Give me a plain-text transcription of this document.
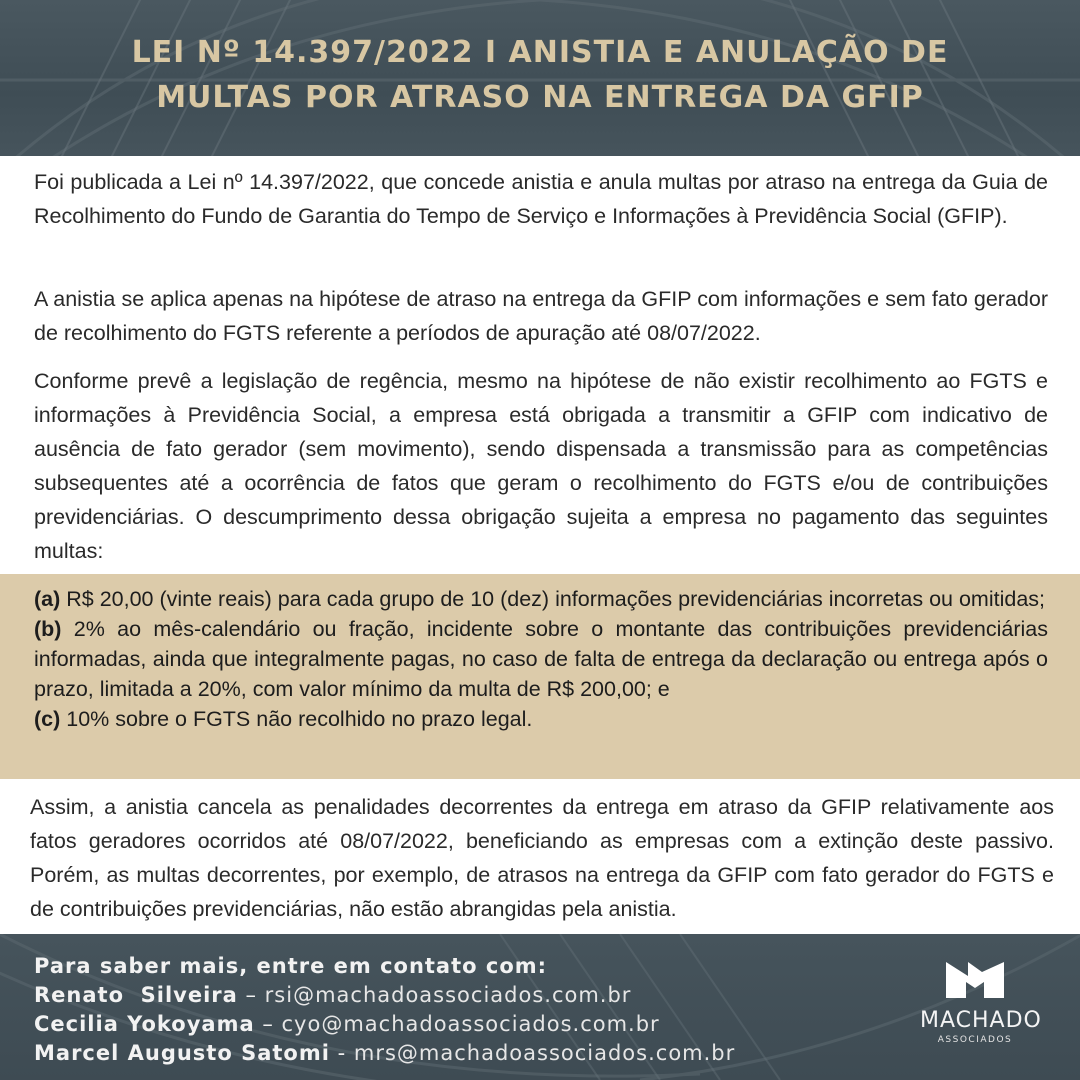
LEI Nº 14.397/2022 I ANISTIA E ANULAÇÃO DE
MULTAS POR ATRASO NA ENTREGA DA GFIP

Foi publicada a Lei nº 14.397/2022, que concede anistia e anula multas por atraso na entrega da Guia de Recolhimento do Fundo de Garantia do Tempo de Serviço e Informações à Previdência Social (GFIP).

A anistia se aplica apenas na hipótese de atraso na entrega da GFIP com informações e sem fato gerador de recolhimento do FGTS referente a períodos de apuração até 08/07/2022.

Conforme prevê a legislação de regência, mesmo na hipótese de não existir recolhimento ao FGTS e informações à Previdência Social, a empresa está obrigada a transmitir a GFIP com indicativo de ausência de fato gerador (sem movimento), sendo dispensada a transmissão para as competências subsequentes até a ocorrência de fatos que geram o recolhimento do FGTS e/ou de contribuições previdenciárias. O descumprimento dessa obrigação sujeita a empresa no pagamento das seguintes multas:

(a) R$ 20,00 (vinte reais) para cada grupo de 10 (dez) informações previdenciárias incorretas ou omitidas;

(b) 2% ao mês-calendário ou fração, incidente sobre o montante das contribuições previdenciárias informadas, ainda que integralmente pagas, no caso de falta de entrega da declaração ou entrega após o prazo, limitada a 20%, com valor mínimo da multa de R$ 200,00; e

(c) 10% sobre o FGTS não recolhido no prazo legal.

Assim, a anistia cancela as penalidades decorrentes da entrega em atraso da GFIP relativamente aos fatos geradores ocorridos até 08/07/2022, beneficiando as empresas com a extinção deste passivo. Porém, as multas decorrentes, por exemplo, de atrasos na entrega da GFIP com fato gerador do FGTS e de contribuições previdenciárias, não estão abrangidas pela anistia.

Para saber mais, entre em contato com:
Renato  Silveira – rsi@machadoassociados.com.br
Cecilia Yokoyama – cyo@machadoassociados.com.br
Marcel Augusto Satomi - mrs@machadoassociados.com.br
MACHADO
ASSOCIADOS
